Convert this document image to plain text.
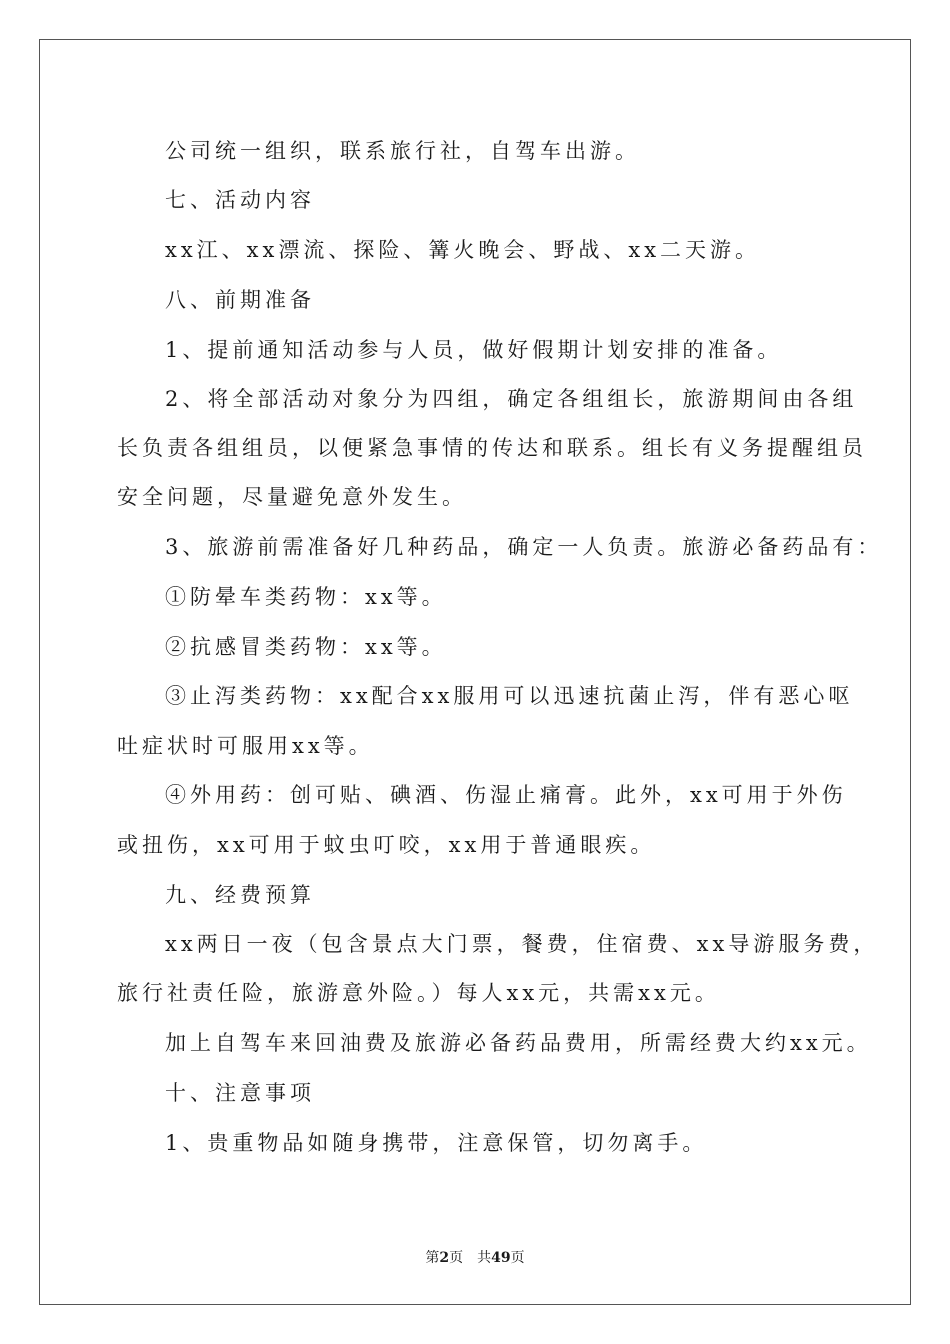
公司统一组织，联系旅行社，自驾车出游。
七、活动内容
xx江、xx漂流、探险、篝火晚会、野战、xx二天游。
八、前期准备
1、提前通知活动参与人员，做好假期计划安排的准备。
2、将全部活动对象分为四组，确定各组组长，旅游期间由各组
长负责各组组员，以便紧急事情的传达和联系。组长有义务提醒组员
安全问题，尽量避免意外发生。
3、旅游前需准备好几种药品，确定一人负责。旅游必备药品有：
①防晕车类药物：xx等。
②抗感冒类药物：xx等。
③止泻类药物：xx配合xx服用可以迅速抗菌止泻，伴有恶心呕
吐症状时可服用xx等。
④外用药：创可贴、碘酒、伤湿止痛膏。此外，xx可用于外伤
或扭伤，xx可用于蚊虫叮咬，xx用于普通眼疾。
九、经费预算
xx两日一夜（包含景点大门票，餐费，住宿费、xx导游服务费，
旅行社责任险，旅游意外险。）每人xx元，共需xx元。
加上自驾车来回油费及旅游必备药品费用，所需经费大约xx元。
十、注意事项
1、贵重物品如随身携带，注意保管，切勿离手。
第2页 共49页
